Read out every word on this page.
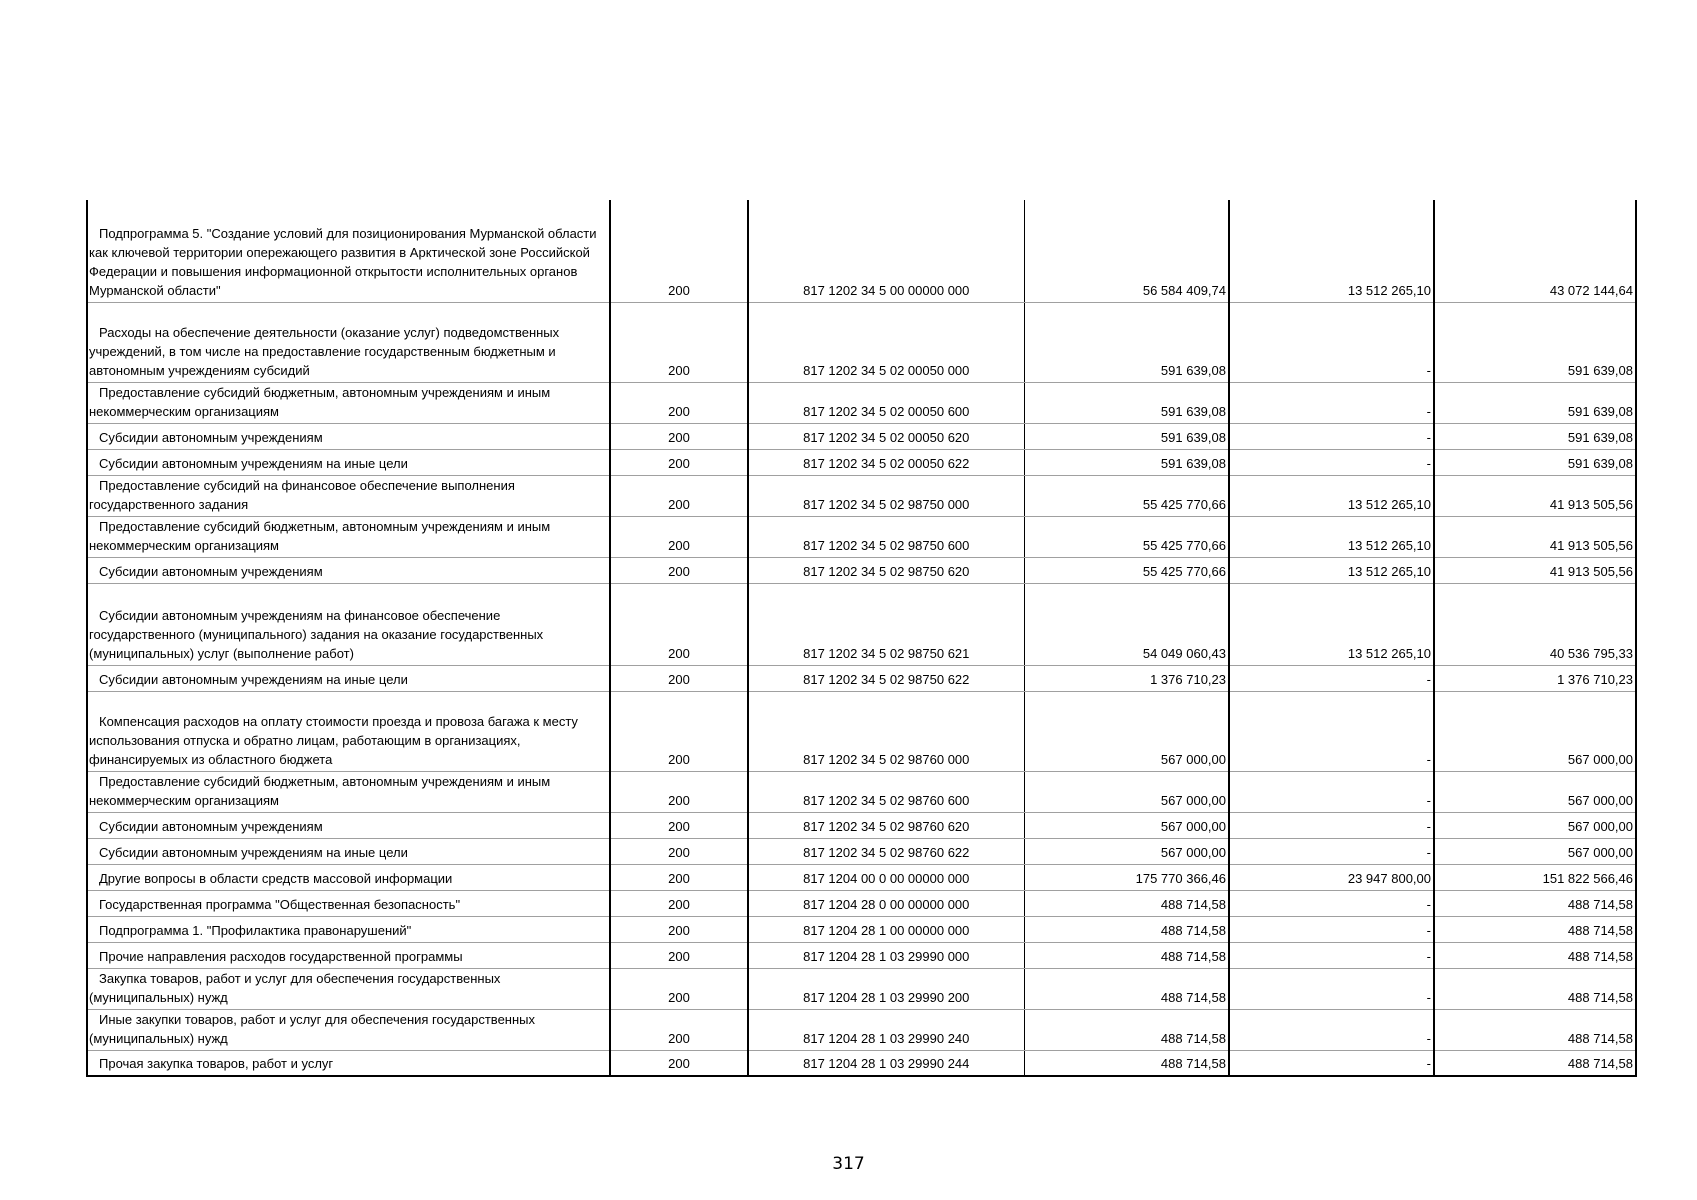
Подпрограмма 5. "Создание условий для позиционирования Мурманской области как ключевой территории опережающего развития в Арктической зоне Российской Федерации и повышения информационной открытости исполнительных органов Мурманской области"	200	817 1202 34 5 00 00000 000	56 584 409,74	13 512 265,10	43 072 144,64
Расходы на обеспечение деятельности (оказание услуг) подведомственных учреждений, в том числе на предоставление государственным бюджетным и автономным учреждениям субсидий	200	817 1202 34 5 02 00050 000	591 639,08	-	591 639,08
Предоставление субсидий бюджетным, автономным учреждениям и иным некоммерческим организациям	200	817 1202 34 5 02 00050 600	591 639,08	-	591 639,08
Субсидии автономным учреждениям	200	817 1202 34 5 02 00050 620	591 639,08	-	591 639,08
Субсидии автономным учреждениям на иные цели	200	817 1202 34 5 02 00050 622	591 639,08	-	591 639,08
Предоставление субсидий на финансовое обеспечение выполнения государственного задания	200	817 1202 34 5 02 98750 000	55 425 770,66	13 512 265,10	41 913 505,56
Предоставление субсидий бюджетным, автономным учреждениям и иным некоммерческим организациям	200	817 1202 34 5 02 98750 600	55 425 770,66	13 512 265,10	41 913 505,56
Субсидии автономным учреждениям	200	817 1202 34 5 02 98750 620	55 425 770,66	13 512 265,10	41 913 505,56
Субсидии автономным учреждениям на финансовое обеспечение государственного (муниципального) задания на оказание государственных (муниципальных) услуг (выполнение работ)	200	817 1202 34 5 02 98750 621	54 049 060,43	13 512 265,10	40 536 795,33
Субсидии автономным учреждениям на иные цели	200	817 1202 34 5 02 98750 622	1 376 710,23	-	1 376 710,23
Компенсация расходов на оплату стоимости проезда и провоза багажа к месту использования отпуска и обратно лицам, работающим в организациях, финансируемых из областного бюджета	200	817 1202 34 5 02 98760 000	567 000,00	-	567 000,00
Предоставление субсидий бюджетным, автономным учреждениям и иным некоммерческим организациям	200	817 1202 34 5 02 98760 600	567 000,00	-	567 000,00
Субсидии автономным учреждениям	200	817 1202 34 5 02 98760 620	567 000,00	-	567 000,00
Субсидии автономным учреждениям на иные цели	200	817 1202 34 5 02 98760 622	567 000,00	-	567 000,00
Другие вопросы в области средств массовой информации	200	817 1204 00 0 00 00000 000	175 770 366,46	23 947 800,00	151 822 566,46
Государственная программа "Общественная безопасность"	200	817 1204 28 0 00 00000 000	488 714,58	-	488 714,58
Подпрограмма 1. "Профилактика правонарушений"	200	817 1204 28 1 00 00000 000	488 714,58	-	488 714,58
Прочие направления расходов государственной программы	200	817 1204 28 1 03 29990 000	488 714,58	-	488 714,58
Закупка товаров, работ и услуг для обеспечения государственных (муниципальных) нужд	200	817 1204 28 1 03 29990 200	488 714,58	-	488 714,58
Иные закупки товаров, работ и услуг для обеспечения государственных (муниципальных) нужд	200	817 1204 28 1 03 29990 240	488 714,58	-	488 714,58
Прочая закупка товаров, работ и услуг	200	817 1204 28 1 03 29990 244	488 714,58	-	488 714,58
317
